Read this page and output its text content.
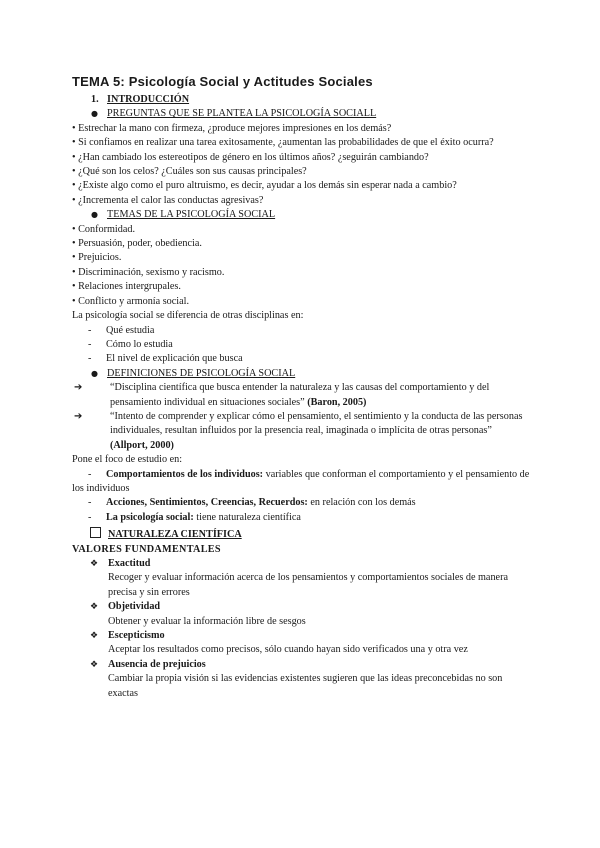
TEMA 5: Psicología Social y Actitudes Sociales
1. INTRODUCCIÓN
● PREGUNTAS QUE SE PLANTEA LA PSICOLOGÍA SOCIALL
• Estrechar la mano con firmeza, ¿produce mejores impresiones en los demás?
• Si confiamos en realizar una tarea exitosamente, ¿aumentan las probabilidades de que el éxito ocurra?
• ¿Han cambiado los estereotipos de género en los últimos años? ¿seguirán cambiando?
• ¿Qué son los celos? ¿Cuáles son sus causas principales?
• ¿Existe algo como el puro altruismo, es decir, ayudar a los demás sin esperar nada a cambio?
• ¿Incrementa el calor las conductas agresivas?
● TEMAS DE LA PSICOLOGÍA SOCIAL
• Conformidad.
• Persuasión, poder, obediencia.
• Prejuicios.
• Discriminación, sexismo y racismo.
• Relaciones intergrupales.
• Conflicto y armonía social.
La psicología social se diferencia de otras disciplinas en:
- Qué estudia
- Cómo lo estudia
- El nivel de explicación que busca
● DEFINICIONES DE PSICOLOGÍA SOCIAL
➔	“Disciplina científica que busca entender la naturaleza y las causas del comportamiento y del pensamiento individual en situaciones sociales” (Baron, 2005)
➔	“Intento de comprender y explicar cómo el pensamiento, el sentimiento y la conducta de las personas individuales, resultan influidos por la presencia real, imaginada o implícita de otras personas” (Allport, 2000)
Pone el foco de estudio en:
- Comportamientos de los individuos: variables que conforman el comportamiento y el pensamiento de los individuos
- Acciones, Sentimientos, Creencias, Recuerdos: en relación con los demás
- La psicología social: tiene naturaleza científica
NATURALEZA CIENTÍFICA
VALORES FUNDAMENTALES
❖ Exactitud
Recoger y evaluar información acerca de los pensamientos y comportamientos sociales de manera precisa y sin errores
❖ Objetividad
Obtener y evaluar la información libre de sesgos
❖ Escepticismo
Aceptar los resultados como precisos, sólo cuando hayan sido verificados una y otra vez
❖ Ausencia de prejuicios
Cambiar la propia visión si las evidencias existentes sugieren que las ideas preconcebidas no son exactas
